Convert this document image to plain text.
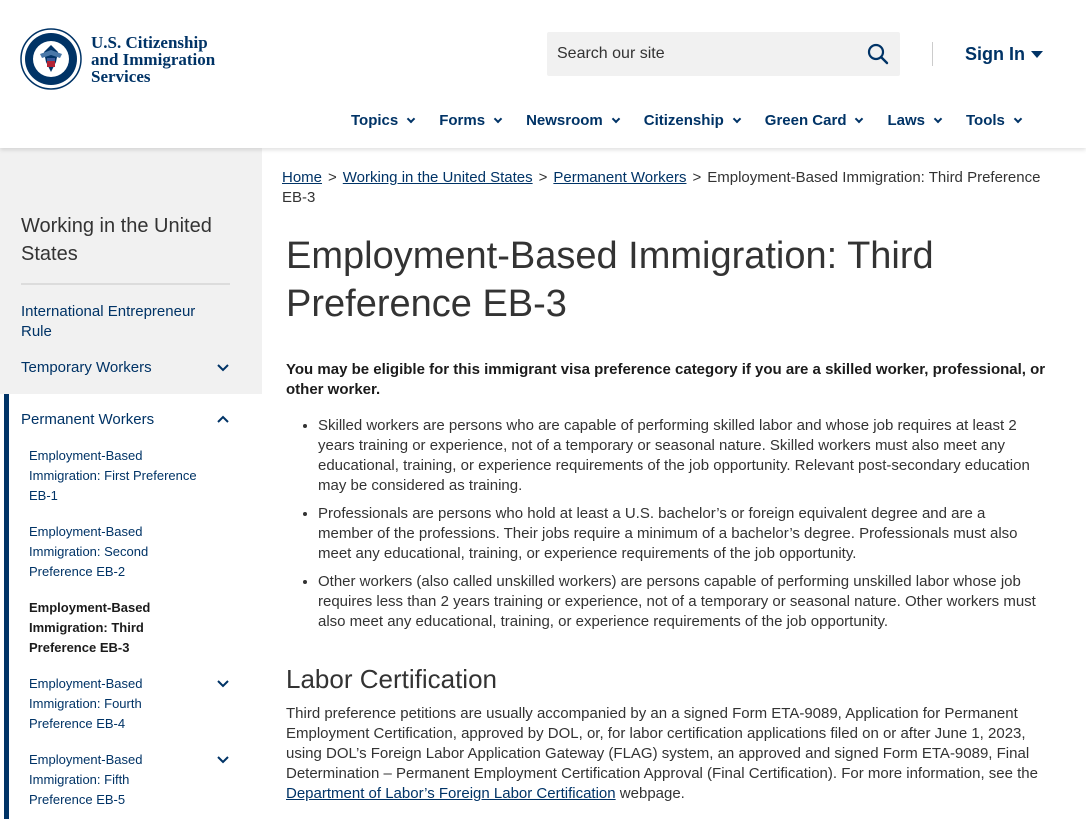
U.S. Citizenship
and Immigration
Services
Search our site
Sign In
Topics	Forms	Newsroom	Citizenship	Green Card	Laws	Tools
Working in the United States
International Entrepreneur Rule
Temporary Workers
Permanent Workers
Employment-Based Immigration: First Preference EB-1
Employment-Based Immigration: Second Preference EB-2
Employment-Based Immigration: Third Preference EB-3
Employment-Based Immigration: Fourth Preference EB-4
Employment-Based Immigration: Fifth Preference EB-5
Home > Working in the United States > Permanent Workers > Employment-Based Immigration: Third Preference EB-3
Employment-Based Immigration: Third Preference EB-3

You may be eligible for this immigrant visa preference category if you are a skilled worker, professional, or other worker.

• Skilled workers are persons who are capable of performing skilled labor and whose job requires at least 2 years training or experience, not of a temporary or seasonal nature. Skilled workers must also meet any educational, training, or experience requirements of the job opportunity. Relevant post-secondary education may be considered as training.
• Professionals are persons who hold at least a U.S. bachelor’s or foreign equivalent degree and are a member of the professions. Their jobs require a minimum of a bachelor’s degree. Professionals must also meet any educational, training, or experience requirements of the job opportunity.
• Other workers (also called unskilled workers) are persons capable of performing unskilled labor whose job requires less than 2 years training or experience, not of a temporary or seasonal nature. Other workers must also meet any educational, training, or experience requirements of the job opportunity.
Labor Certification

Third preference petitions are usually accompanied by an a signed Form ETA-9089, Application for Permanent Employment Certification, approved by DOL, or, for labor certification applications filed on or after June 1, 2023, using DOL’s Foreign Labor Application Gateway (FLAG) system, an approved and signed Form ETA-9089, Final Determination – Permanent Employment Certification Approval (Final Certification). For more information, see the Department of Labor’s Foreign Labor Certification webpage.
